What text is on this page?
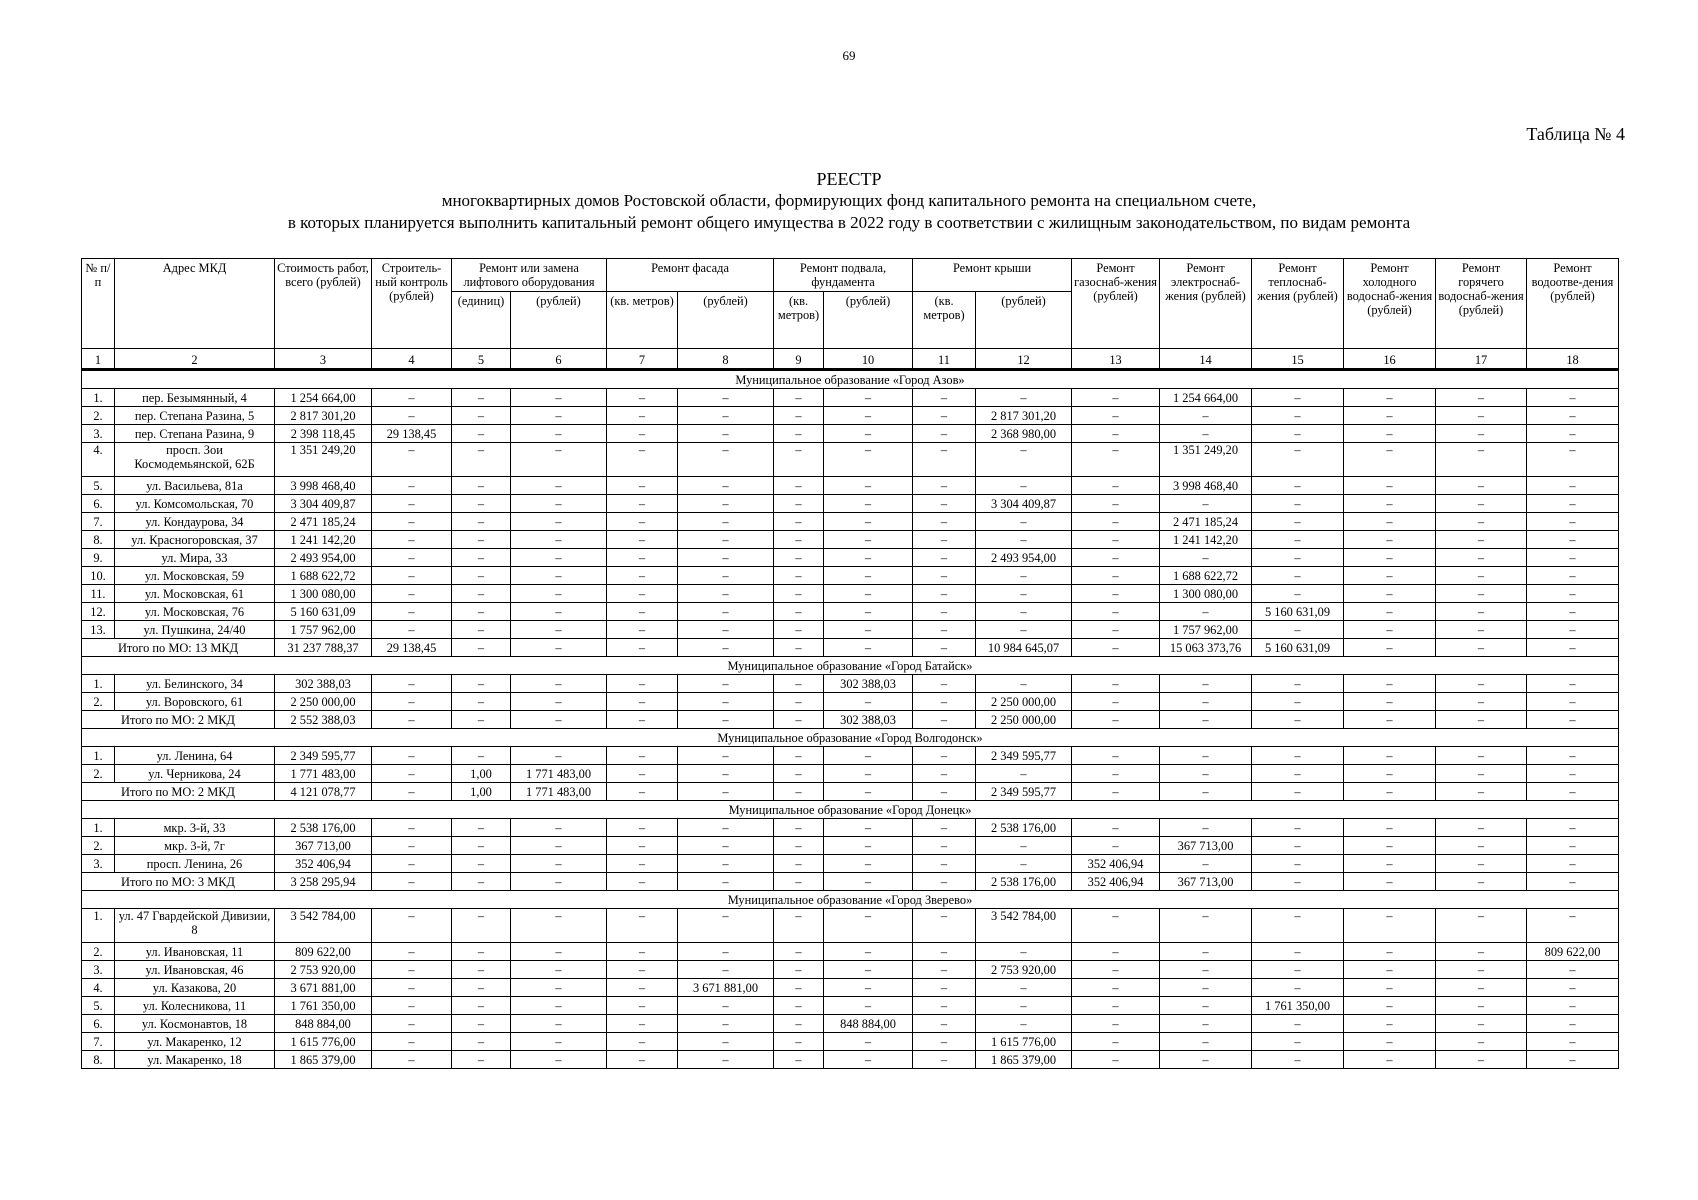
69
Таблица № 4
РЕЕСТР
многоквартирных домов Ростовской области, формирующих фонд капитального ремонта на специальном счете,
в которых планируется выполнить капитальный ремонт общего имущества в 2022 году в соответствии с жилищным законодательством, по видам ремонта
№ п/п	Адрес МКД	Стоимость работ, всего (рублей)	Строитель-ный контроль (рублей)	Ремонт или замена лифтового оборудования		Ремонт фасада		Ремонт подвала, фундамента		Ремонт крыши		Ремонт газоснаб-жения (рублей)	Ремонт электроснаб-жения (рублей)	Ремонт теплоснаб-жения (рублей)	Ремонт холодного водоснаб-жения (рублей)	Ремонт горячего водоснаб-жения (рублей)	Ремонт водоотве-дения (рублей)
				(единиц)	(рублей)	(кв. метров)	(рублей)	(кв. метров)	(рублей)	(кв. метров)	(рублей)						
1	2	3	4	5	6	7	8	9	10	11	12	13	14	15	16	17	18
Муниципальное образование «Город Азов»																	
1.	пер. Безымянный, 4	1 254 664,00	–	–	–	–	–	–	–	–	–	–	1 254 664,00	–	–	–	–
2.	пер. Степана Разина, 5	2 817 301,20	–	–	–	–	–	–	–	–	2 817 301,20	–	–	–	–	–	–
3.	пер. Степана Разина, 9	2 398 118,45	29 138,45	–	–	–	–	–	–	–	2 368 980,00	–	–	–	–	–	–
4.	просп. Зои Космодемьянской, 62Б	1 351 249,20	–	–	–	–	–	–	–	–	–	–	1 351 249,20	–	–	–	–
5.	ул. Васильева, 81а	3 998 468,40	–	–	–	–	–	–	–	–	–	–	3 998 468,40	–	–	–	–
6.	ул. Комсомольская, 70	3 304 409,87	–	–	–	–	–	–	–	–	3 304 409,87	–	–	–	–	–	–
7.	ул. Кондаурова, 34	2 471 185,24	–	–	–	–	–	–	–	–	–	–	2 471 185,24	–	–	–	–
8.	ул. Красногоровская, 37	1 241 142,20	–	–	–	–	–	–	–	–	–	–	1 241 142,20	–	–	–	–
9.	ул. Мира, 33	2 493 954,00	–	–	–	–	–	–	–	–	2 493 954,00	–	–	–	–	–	–
10.	ул. Московская, 59	1 688 622,72	–	–	–	–	–	–	–	–	–	–	1 688 622,72	–	–	–	–
11.	ул. Московская, 61	1 300 080,00	–	–	–	–	–	–	–	–	–	–	1 300 080,00	–	–	–	–
12.	ул. Московская, 76	5 160 631,09	–	–	–	–	–	–	–	–	–	–	–	5 160 631,09	–	–	–
13.	ул. Пушкина, 24/40	1 757 962,00	–	–	–	–	–	–	–	–	–	–	1 757 962,00	–	–	–	–
Итого по МО: 13 МКД		31 237 788,37	29 138,45	–	–	–	–	–	–	–	10 984 645,07	–	15 063 373,76	5 160 631,09	–	–	–
Муниципальное образование «Город Батайск»																	
1.	ул. Белинского, 34	302 388,03	–	–	–	–	–	–	302 388,03	–	–	–	–	–	–	–	–
2.	ул. Воровского, 61	2 250 000,00	–	–	–	–	–	–	–	–	2 250 000,00	–	–	–	–	–	–
Итого по МО: 2 МКД		2 552 388,03	–	–	–	–	–	–	302 388,03	–	2 250 000,00	–	–	–	–	–	–
Муниципальное образование «Город Волгодонск»																	
1.	ул. Ленина, 64	2 349 595,77	–	–	–	–	–	–	–	–	2 349 595,77	–	–	–	–	–	–
2.	ул. Черникова, 24	1 771 483,00	–	1,00	1 771 483,00	–	–	–	–	–	–	–	–	–	–	–	–
Итого по МО: 2 МКД		4 121 078,77	–	1,00	1 771 483,00	–	–	–	–	–	2 349 595,77	–	–	–	–	–	–
Муниципальное образование «Город Донецк»																	
1.	мкр. 3-й, 33	2 538 176,00	–	–	–	–	–	–	–	–	2 538 176,00	–	–	–	–	–	–
2.	мкр. 3-й, 7г	367 713,00	–	–	–	–	–	–	–	–	–	–	367 713,00	–	–	–	–
3.	просп. Ленина, 26	352 406,94	–	–	–	–	–	–	–	–	–	352 406,94	–	–	–	–	–
Итого по МО: 3 МКД		3 258 295,94	–	–	–	–	–	–	–	–	2 538 176,00	352 406,94	367 713,00	–	–	–	–
Муниципальное образование «Город Зверево»																	
1.	ул. 47 Гвардейской Дивизии, 8	3 542 784,00	–	–	–	–	–	–	–	–	3 542 784,00	–	–	–	–	–	–
2.	ул. Ивановская, 11	809 622,00	–	–	–	–	–	–	–	–	–	–	–	–	–	–	809 622,00
3.	ул. Ивановская, 46	2 753 920,00	–	–	–	–	–	–	–	–	2 753 920,00	–	–	–	–	–	–
4.	ул. Казакова, 20	3 671 881,00	–	–	–	–	3 671 881,00	–	–	–	–	–	–	–	–	–	–
5.	ул. Колесникова, 11	1 761 350,00	–	–	–	–	–	–	–	–	–	–	–	1 761 350,00	–	–	–
6.	ул. Космонавтов, 18	848 884,00	–	–	–	–	–	–	848 884,00	–	–	–	–	–	–	–	–
7.	ул. Макаренко, 12	1 615 776,00	–	–	–	–	–	–	–	–	1 615 776,00	–	–	–	–	–	–
8.	ул. Макаренко, 18	1 865 379,00	–	–	–	–	–	–	–	–	1 865 379,00	–	–	–	–	–	–
